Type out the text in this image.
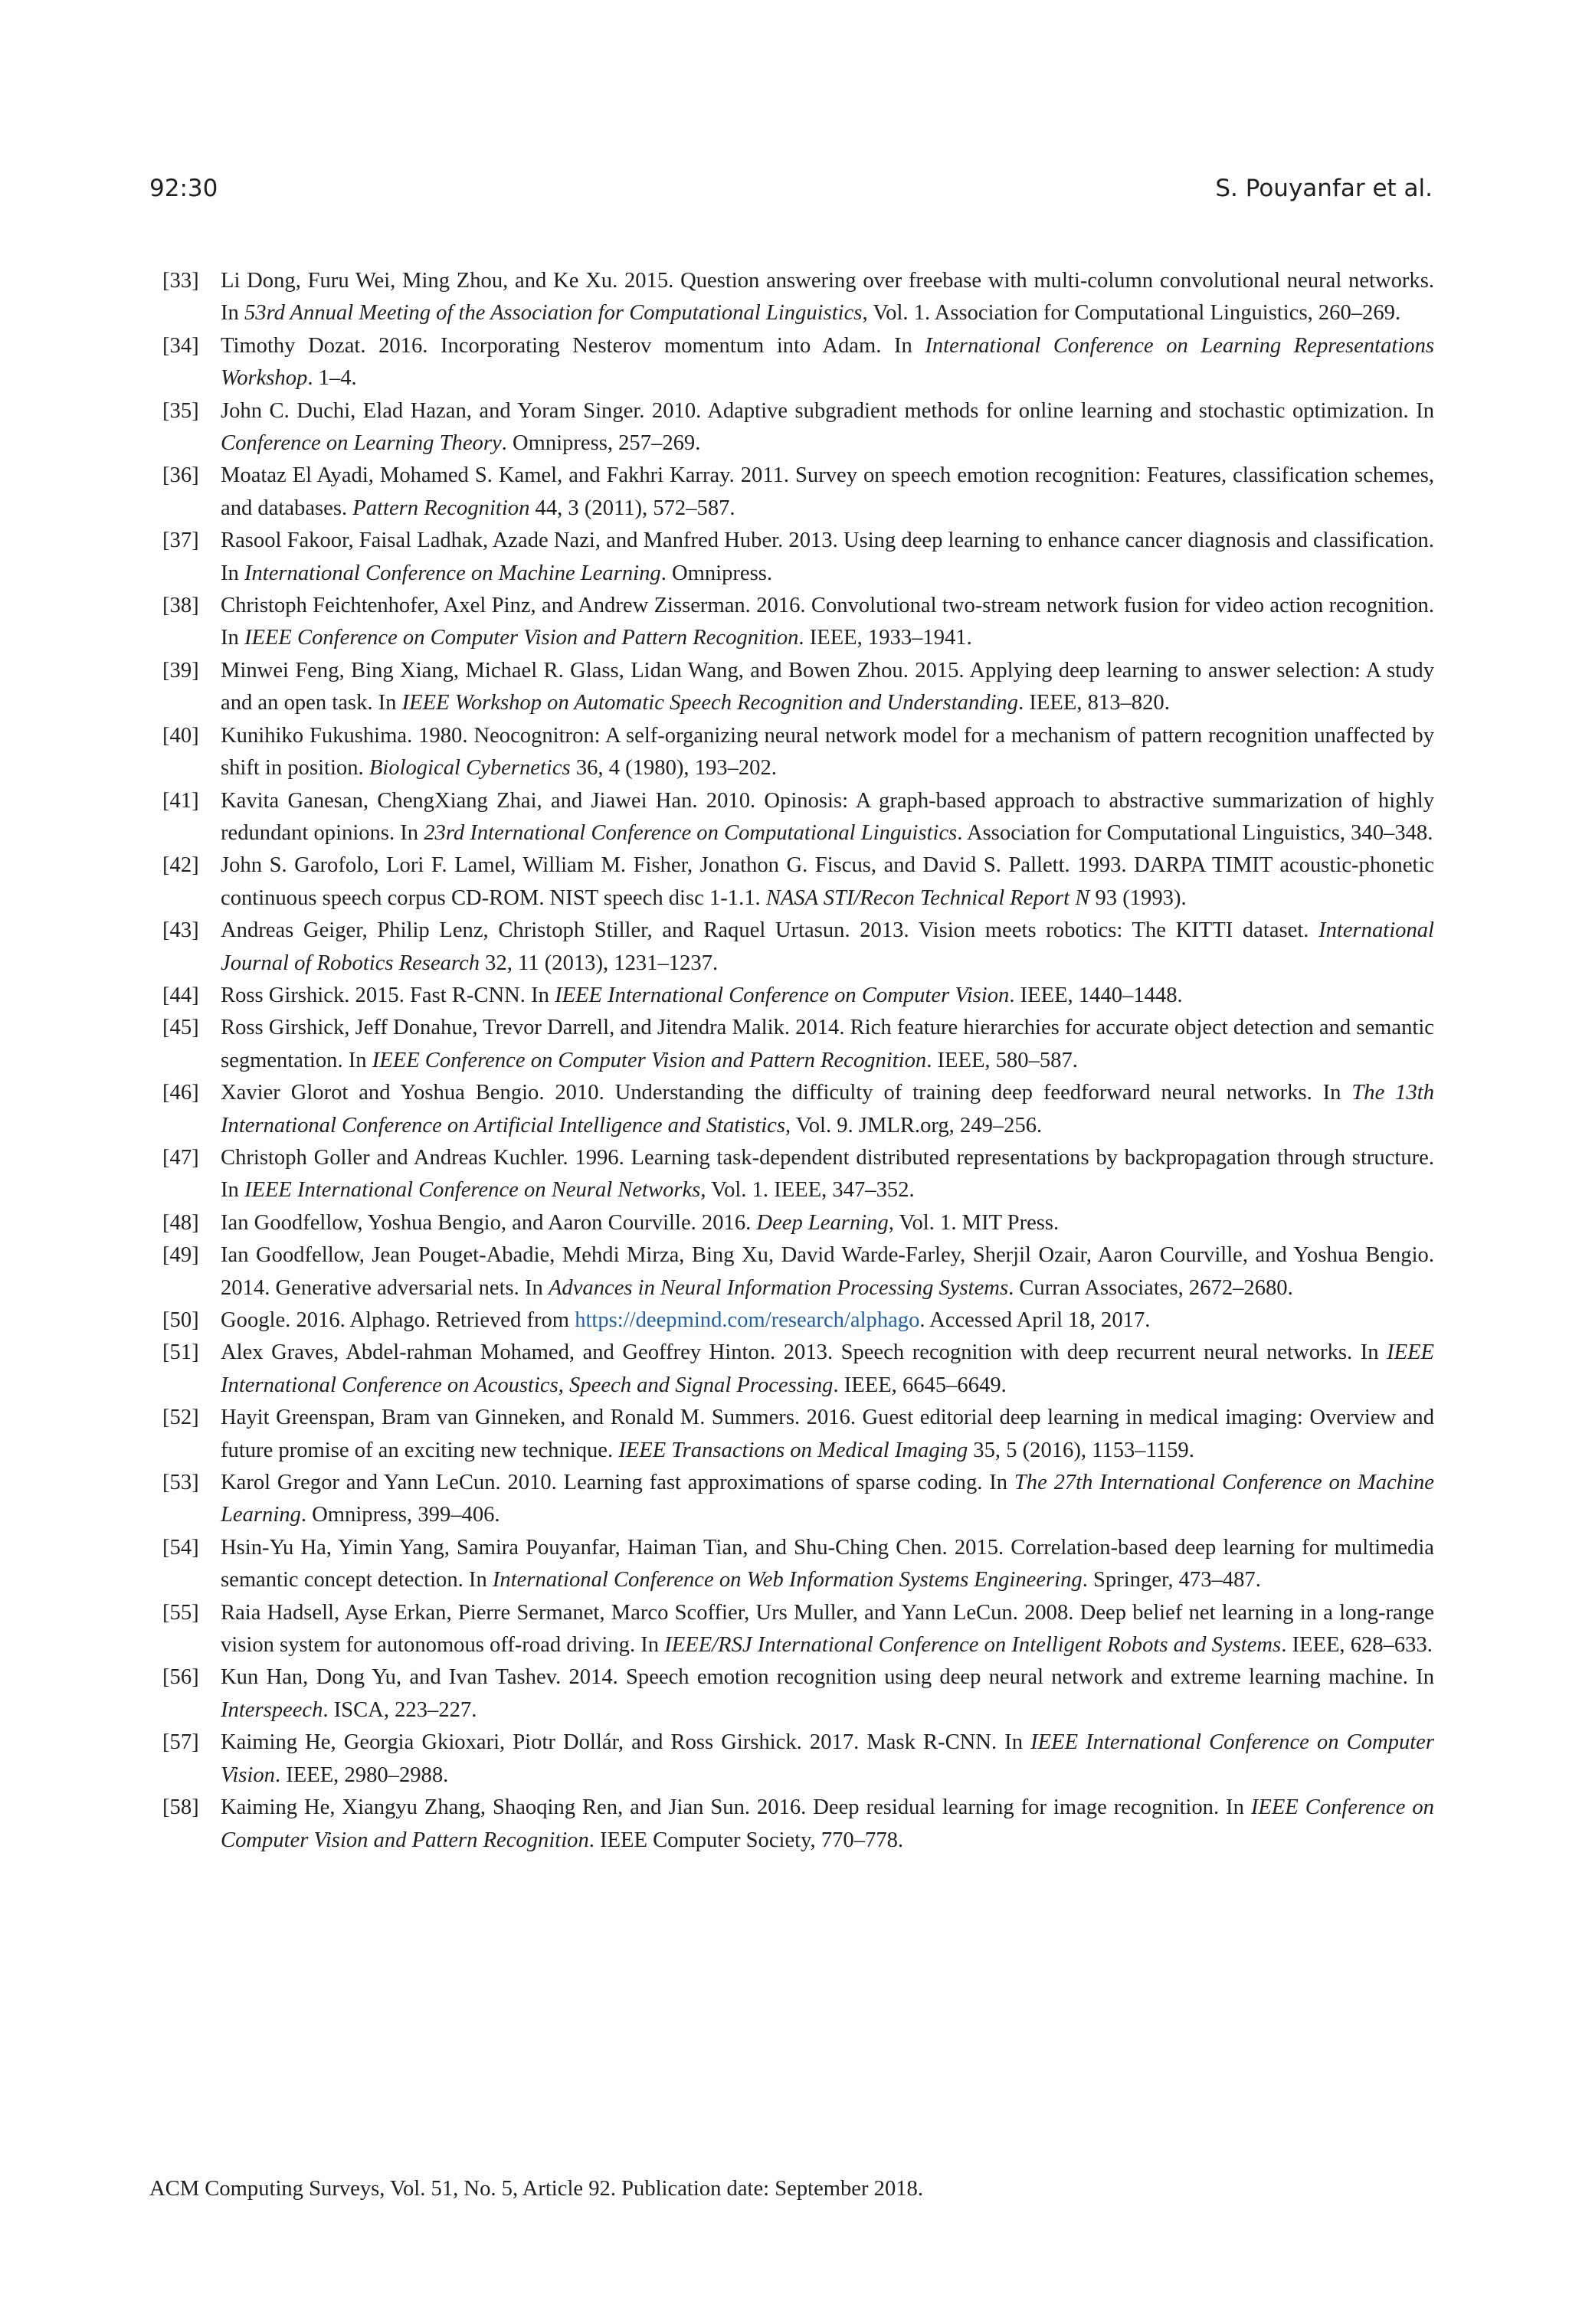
92:30	S. Pouyanfar et al.
[33] Li Dong, Furu Wei, Ming Zhou, and Ke Xu. 2015. Question answering over freebase with multi-column convolutional neural networks. In 53rd Annual Meeting of the Association for Computational Linguistics, Vol. 1. Association for Computational Linguistics, 260–269.
[34] Timothy Dozat. 2016. Incorporating Nesterov momentum into Adam. In International Conference on Learning Representations Workshop. 1–4.
[35] John C. Duchi, Elad Hazan, and Yoram Singer. 2010. Adaptive subgradient methods for online learning and stochastic optimization. In Conference on Learning Theory. Omnipress, 257–269.
[36] Moataz El Ayadi, Mohamed S. Kamel, and Fakhri Karray. 2011. Survey on speech emotion recognition: Features, classification schemes, and databases. Pattern Recognition 44, 3 (2011), 572–587.
[37] Rasool Fakoor, Faisal Ladhak, Azade Nazi, and Manfred Huber. 2013. Using deep learning to enhance cancer diagnosis and classification. In International Conference on Machine Learning. Omnipress.
[38] Christoph Feichtenhofer, Axel Pinz, and Andrew Zisserman. 2016. Convolutional two-stream network fusion for video action recognition. In IEEE Conference on Computer Vision and Pattern Recognition. IEEE, 1933–1941.
[39] Minwei Feng, Bing Xiang, Michael R. Glass, Lidan Wang, and Bowen Zhou. 2015. Applying deep learning to answer selection: A study and an open task. In IEEE Workshop on Automatic Speech Recognition and Understanding. IEEE, 813–820.
[40] Kunihiko Fukushima. 1980. Neocognitron: A self-organizing neural network model for a mechanism of pattern recognition unaffected by shift in position. Biological Cybernetics 36, 4 (1980), 193–202.
[41] Kavita Ganesan, ChengXiang Zhai, and Jiawei Han. 2010. Opinosis: A graph-based approach to abstractive summarization of highly redundant opinions. In 23rd International Conference on Computational Linguistics. Association for Computational Linguistics, 340–348.
[42] John S. Garofolo, Lori F. Lamel, William M. Fisher, Jonathon G. Fiscus, and David S. Pallett. 1993. DARPA TIMIT acoustic-phonetic continuous speech corpus CD-ROM. NIST speech disc 1-1.1. NASA STI/Recon Technical Report N 93 (1993).
[43] Andreas Geiger, Philip Lenz, Christoph Stiller, and Raquel Urtasun. 2013. Vision meets robotics: The KITTI dataset. International Journal of Robotics Research 32, 11 (2013), 1231–1237.
[44] Ross Girshick. 2015. Fast R-CNN. In IEEE International Conference on Computer Vision. IEEE, 1440–1448.
[45] Ross Girshick, Jeff Donahue, Trevor Darrell, and Jitendra Malik. 2014. Rich feature hierarchies for accurate object detection and semantic segmentation. In IEEE Conference on Computer Vision and Pattern Recognition. IEEE, 580–587.
[46] Xavier Glorot and Yoshua Bengio. 2010. Understanding the difficulty of training deep feedforward neural networks. In The 13th International Conference on Artificial Intelligence and Statistics, Vol. 9. JMLR.org, 249–256.
[47] Christoph Goller and Andreas Kuchler. 1996. Learning task-dependent distributed representations by backpropagation through structure. In IEEE International Conference on Neural Networks, Vol. 1. IEEE, 347–352.
[48] Ian Goodfellow, Yoshua Bengio, and Aaron Courville. 2016. Deep Learning, Vol. 1. MIT Press.
[49] Ian Goodfellow, Jean Pouget-Abadie, Mehdi Mirza, Bing Xu, David Warde-Farley, Sherjil Ozair, Aaron Courville, and Yoshua Bengio. 2014. Generative adversarial nets. In Advances in Neural Information Processing Systems. Curran Associates, 2672–2680.
[50] Google. 2016. Alphago. Retrieved from https://deepmind.com/research/alphago. Accessed April 18, 2017.
[51] Alex Graves, Abdel-rahman Mohamed, and Geoffrey Hinton. 2013. Speech recognition with deep recurrent neural networks. In IEEE International Conference on Acoustics, Speech and Signal Processing. IEEE, 6645–6649.
[52] Hayit Greenspan, Bram van Ginneken, and Ronald M. Summers. 2016. Guest editorial deep learning in medical imaging: Overview and future promise of an exciting new technique. IEEE Transactions on Medical Imaging 35, 5 (2016), 1153–1159.
[53] Karol Gregor and Yann LeCun. 2010. Learning fast approximations of sparse coding. In The 27th International Conference on Machine Learning. Omnipress, 399–406.
[54] Hsin-Yu Ha, Yimin Yang, Samira Pouyanfar, Haiman Tian, and Shu-Ching Chen. 2015. Correlation-based deep learning for multimedia semantic concept detection. In International Conference on Web Information Systems Engineering. Springer, 473–487.
[55] Raia Hadsell, Ayse Erkan, Pierre Sermanet, Marco Scoffier, Urs Muller, and Yann LeCun. 2008. Deep belief net learning in a long-range vision system for autonomous off-road driving. In IEEE/RSJ International Conference on Intelligent Robots and Systems. IEEE, 628–633.
[56] Kun Han, Dong Yu, and Ivan Tashev. 2014. Speech emotion recognition using deep neural network and extreme learning machine. In Interspeech. ISCA, 223–227.
[57] Kaiming He, Georgia Gkioxari, Piotr Dollár, and Ross Girshick. 2017. Mask R-CNN. In IEEE International Conference on Computer Vision. IEEE, 2980–2988.
[58] Kaiming He, Xiangyu Zhang, Shaoqing Ren, and Jian Sun. 2016. Deep residual learning for image recognition. In IEEE Conference on Computer Vision and Pattern Recognition. IEEE Computer Society, 770–778.
ACM Computing Surveys, Vol. 51, No. 5, Article 92. Publication date: September 2018.
